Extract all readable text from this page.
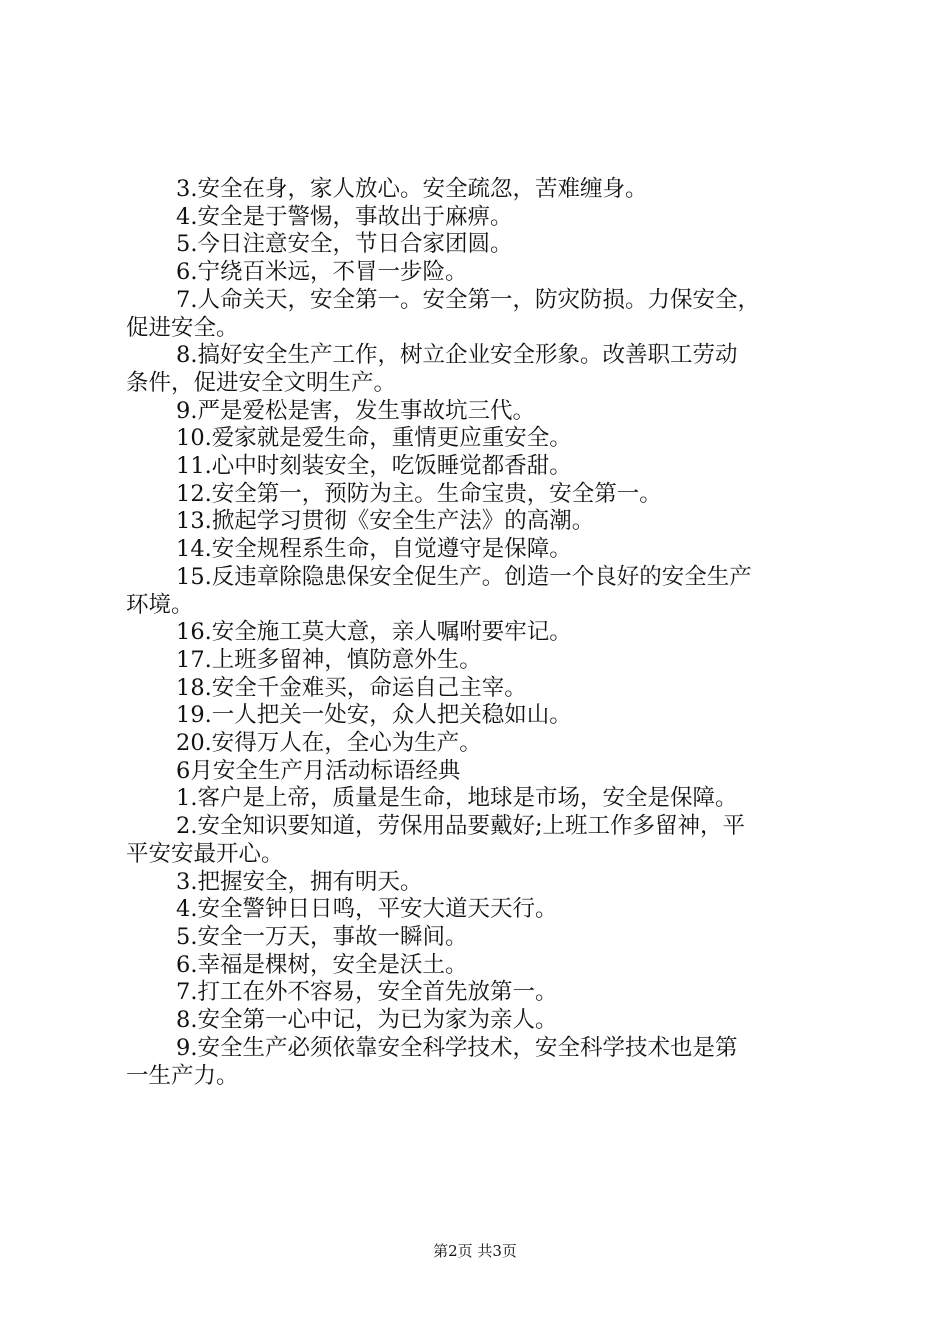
3.安全在身，家人放心。安全疏忽，苦难缠身。

4.安全是于警惕，事故出于麻痹。

5.今日注意安全，节日合家团圆。

6.宁绕百米远，不冒一步险。

7.人命关天，安全第一。安全第一，防灾防损。力保安全，

促进安全。

8.搞好安全生产工作，树立企业安全形象。改善职工劳动

条件，促进安全文明生产。

9.严是爱松是害，发生事故坑三代。

10.爱家就是爱生命，重情更应重安全。

11.心中时刻装安全，吃饭睡觉都香甜。

12.安全第一，预防为主。生命宝贵，安全第一。

13.掀起学习贯彻《安全生产法》的高潮。

14.安全规程系生命，自觉遵守是保障。

15.反违章除隐患保安全促生产。创造一个良好的安全生产

环境。

16.安全施工莫大意，亲人嘱咐要牢记。

17.上班多留神，慎防意外生。

18.安全千金难买，命运自己主宰。

19.一人把关一处安，众人把关稳如山。

20.安得万人在，全心为生产。

6月安全生产月活动标语经典

1.客户是上帝，质量是生命，地球是市场，安全是保障。

2.安全知识要知道，劳保用品要戴好;上班工作多留神，平

平安安最开心。

3.把握安全，拥有明天。

4.安全警钟日日鸣，平安大道天天行。

5.安全一万天，事故一瞬间。

6.幸福是棵树，安全是沃土。

7.打工在外不容易，安全首先放第一。

8.安全第一心中记，为已为家为亲人。

9.安全生产必须依靠安全科学技术，安全科学技术也是第

一生产力。

第2页 共3页
